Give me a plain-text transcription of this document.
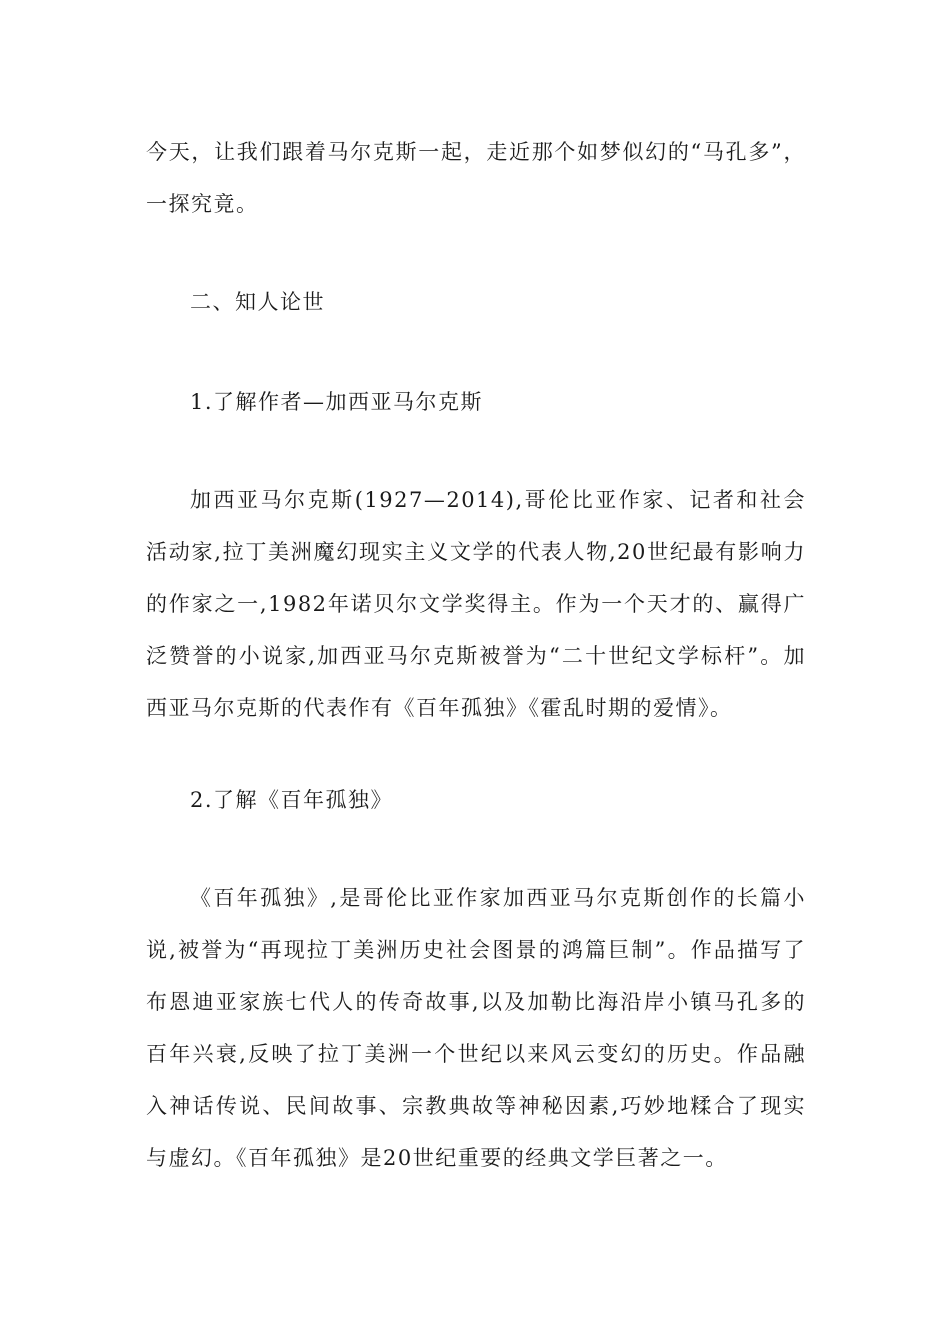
今天，让我们跟着马尔克斯一起，走近那个如梦似幻的“马孔多”，一探究竟。

二、知人论世

1.了解作者—加西亚马尔克斯

加西亚马尔克斯(1927—2014),哥伦比亚作家、记者和社会活动家,拉丁美洲魔幻现实主义文学的代表人物,20世纪最有影响力的作家之一,1982年诺贝尔文学奖得主。作为一个天才的、赢得广泛赞誉的小说家,加西亚马尔克斯被誉为“二十世纪文学标杆”。加西亚马尔克斯的代表作有《百年孤独》《霍乱时期的爱情》。

2.了解《百年孤独》

《百年孤独》,是哥伦比亚作家加西亚马尔克斯创作的长篇小说,被誉为“再现拉丁美洲历史社会图景的鸿篇巨制”。作品描写了布恩迪亚家族七代人的传奇故事,以及加勒比海沿岸小镇马孔多的百年兴衰,反映了拉丁美洲一个世纪以来风云变幻的历史。作品融入神话传说、民间故事、宗教典故等神秘因素,巧妙地糅合了现实与虚幻。《百年孤独》是20世纪重要的经典文学巨著之一。
